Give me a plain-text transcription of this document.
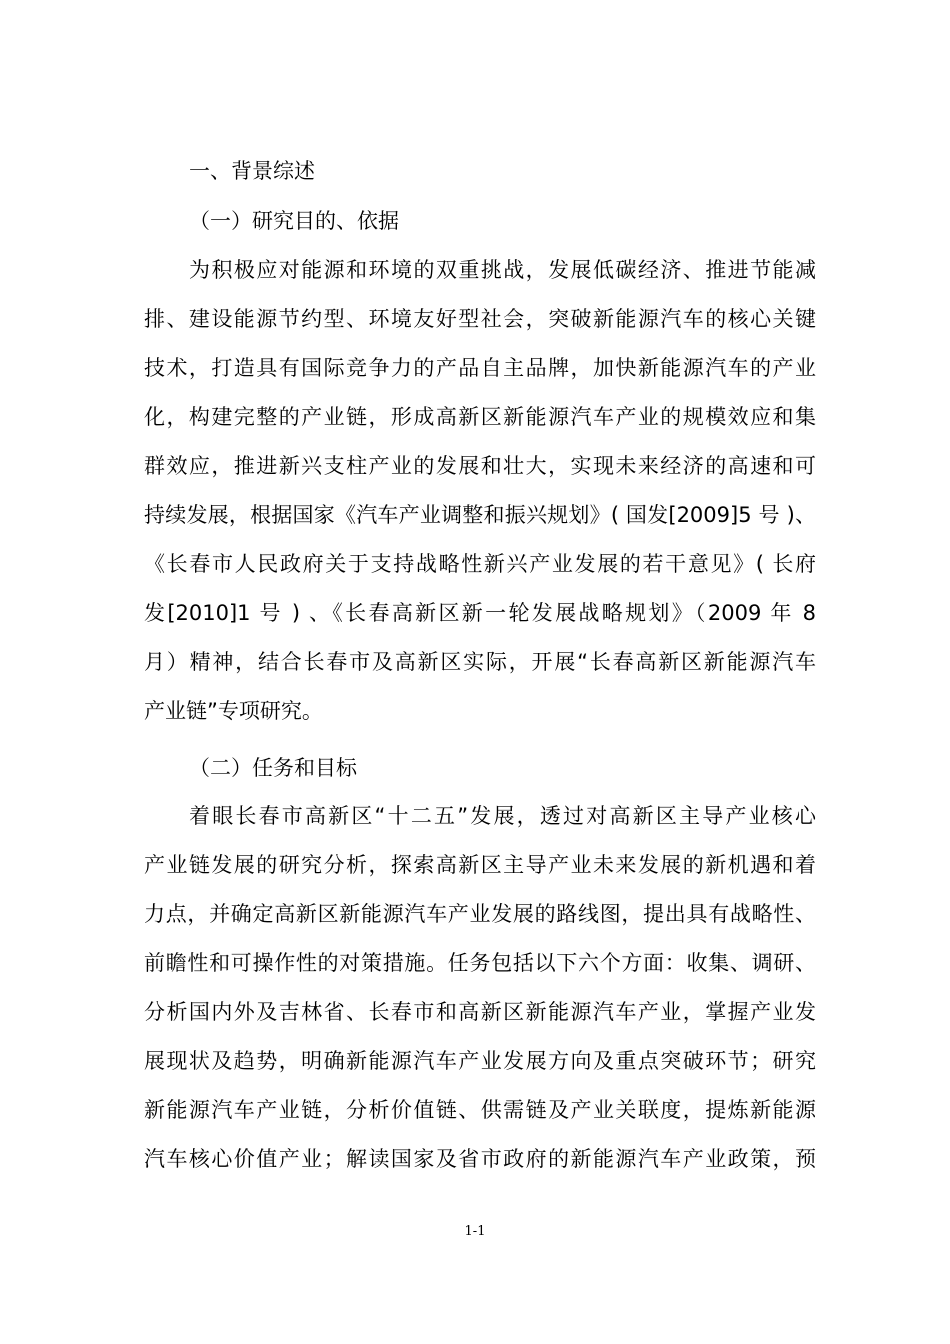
一、背景综述

（一）研究目的、依据

为积极应对能源和环境的双重挑战，发展低碳经济、推进节能减

排、建设能源节约型、环境友好型社会，突破新能源汽车的核心关键

技术，打造具有国际竞争力的产品自主品牌，加快新能源汽车的产业

化，构建完整的产业链，形成高新区新能源汽车产业的规模效应和集

群效应，推进新兴支柱产业的发展和壮大，实现未来经济的高速和可

持续发展，根据国家《汽车产业调整和振兴规划》( 国发[2009]5 号 )、

《长春市人民政府关于支持战略性新兴产业发展的若干意见》( 长府

发[2010]1 号 ) 、《长春高新区新一轮发展战略规划》（2009 年 8

月）精神，结合长春市及高新区实际，开展“长春高新区新能源汽车

产业链”专项研究。

（二）任务和目标

着眼长春市高新区“十二五”发展，透过对高新区主导产业核心

产业链发展的研究分析，探索高新区主导产业未来发展的新机遇和着

力点，并确定高新区新能源汽车产业发展的路线图，提出具有战略性、

前瞻性和可操作性的对策措施。任务包括以下六个方面：收集、调研、

分析国内外及吉林省、长春市和高新区新能源汽车产业，掌握产业发

展现状及趋势，明确新能源汽车产业发展方向及重点突破环节；研究

新能源汽车产业链，分析价值链、供需链及产业关联度，提炼新能源

汽车核心价值产业；解读国家及省市政府的新能源汽车产业政策，预

1-1
